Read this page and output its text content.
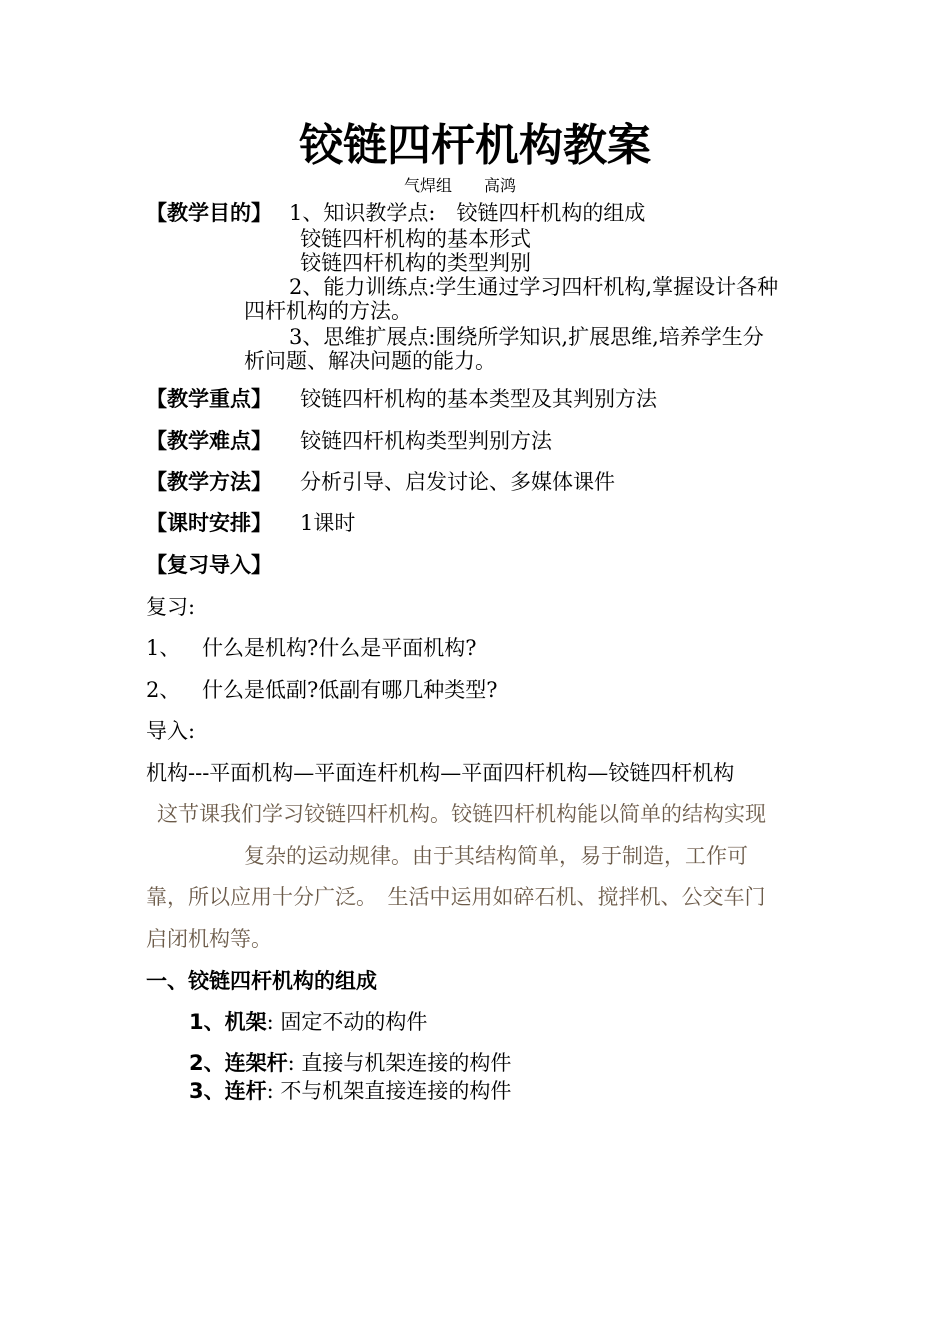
铰链四杆机构教案
气焊组　　高鸿
【教学目的】 1、知识教学点:　铰链四杆机构的组成
铰链四杆机构的基本形式
铰链四杆机构的类型判别
2、能力训练点:学生通过学习四杆机构,掌握设计各种
四杆机构的方法。
3、思维扩展点:围绕所学知识,扩展思维,培养学生分
析问题、解决问题的能力。
【教学重点】 铰链四杆机构的基本类型及其判别方法
【教学难点】 铰链四杆机构类型判别方法
【教学方法】 分析引导、启发讨论、多媒体课件
【课时安排】 1课时
【复习导入】
复习:
1、 什么是机构?什么是平面机构?
2、 什么是低副?低副有哪几种类型?
导入:
机构---平面机构—平面连杆机构—平面四杆机构—铰链四杆机构
这节课我们学习铰链四杆机构。铰链四杆机构能以简单的结构实现
复杂的运动规律。由于其结构简单，易于制造，工作可
靠，所以应用十分广泛。　生活中运用如碎石机、搅拌机、公交车门
启闭机构等。
一、铰链四杆机构的组成
1、机架: 固定不动的构件
2、连架杆: 直接与机架连接的构件
3、连杆: 不与机架直接连接的构件
